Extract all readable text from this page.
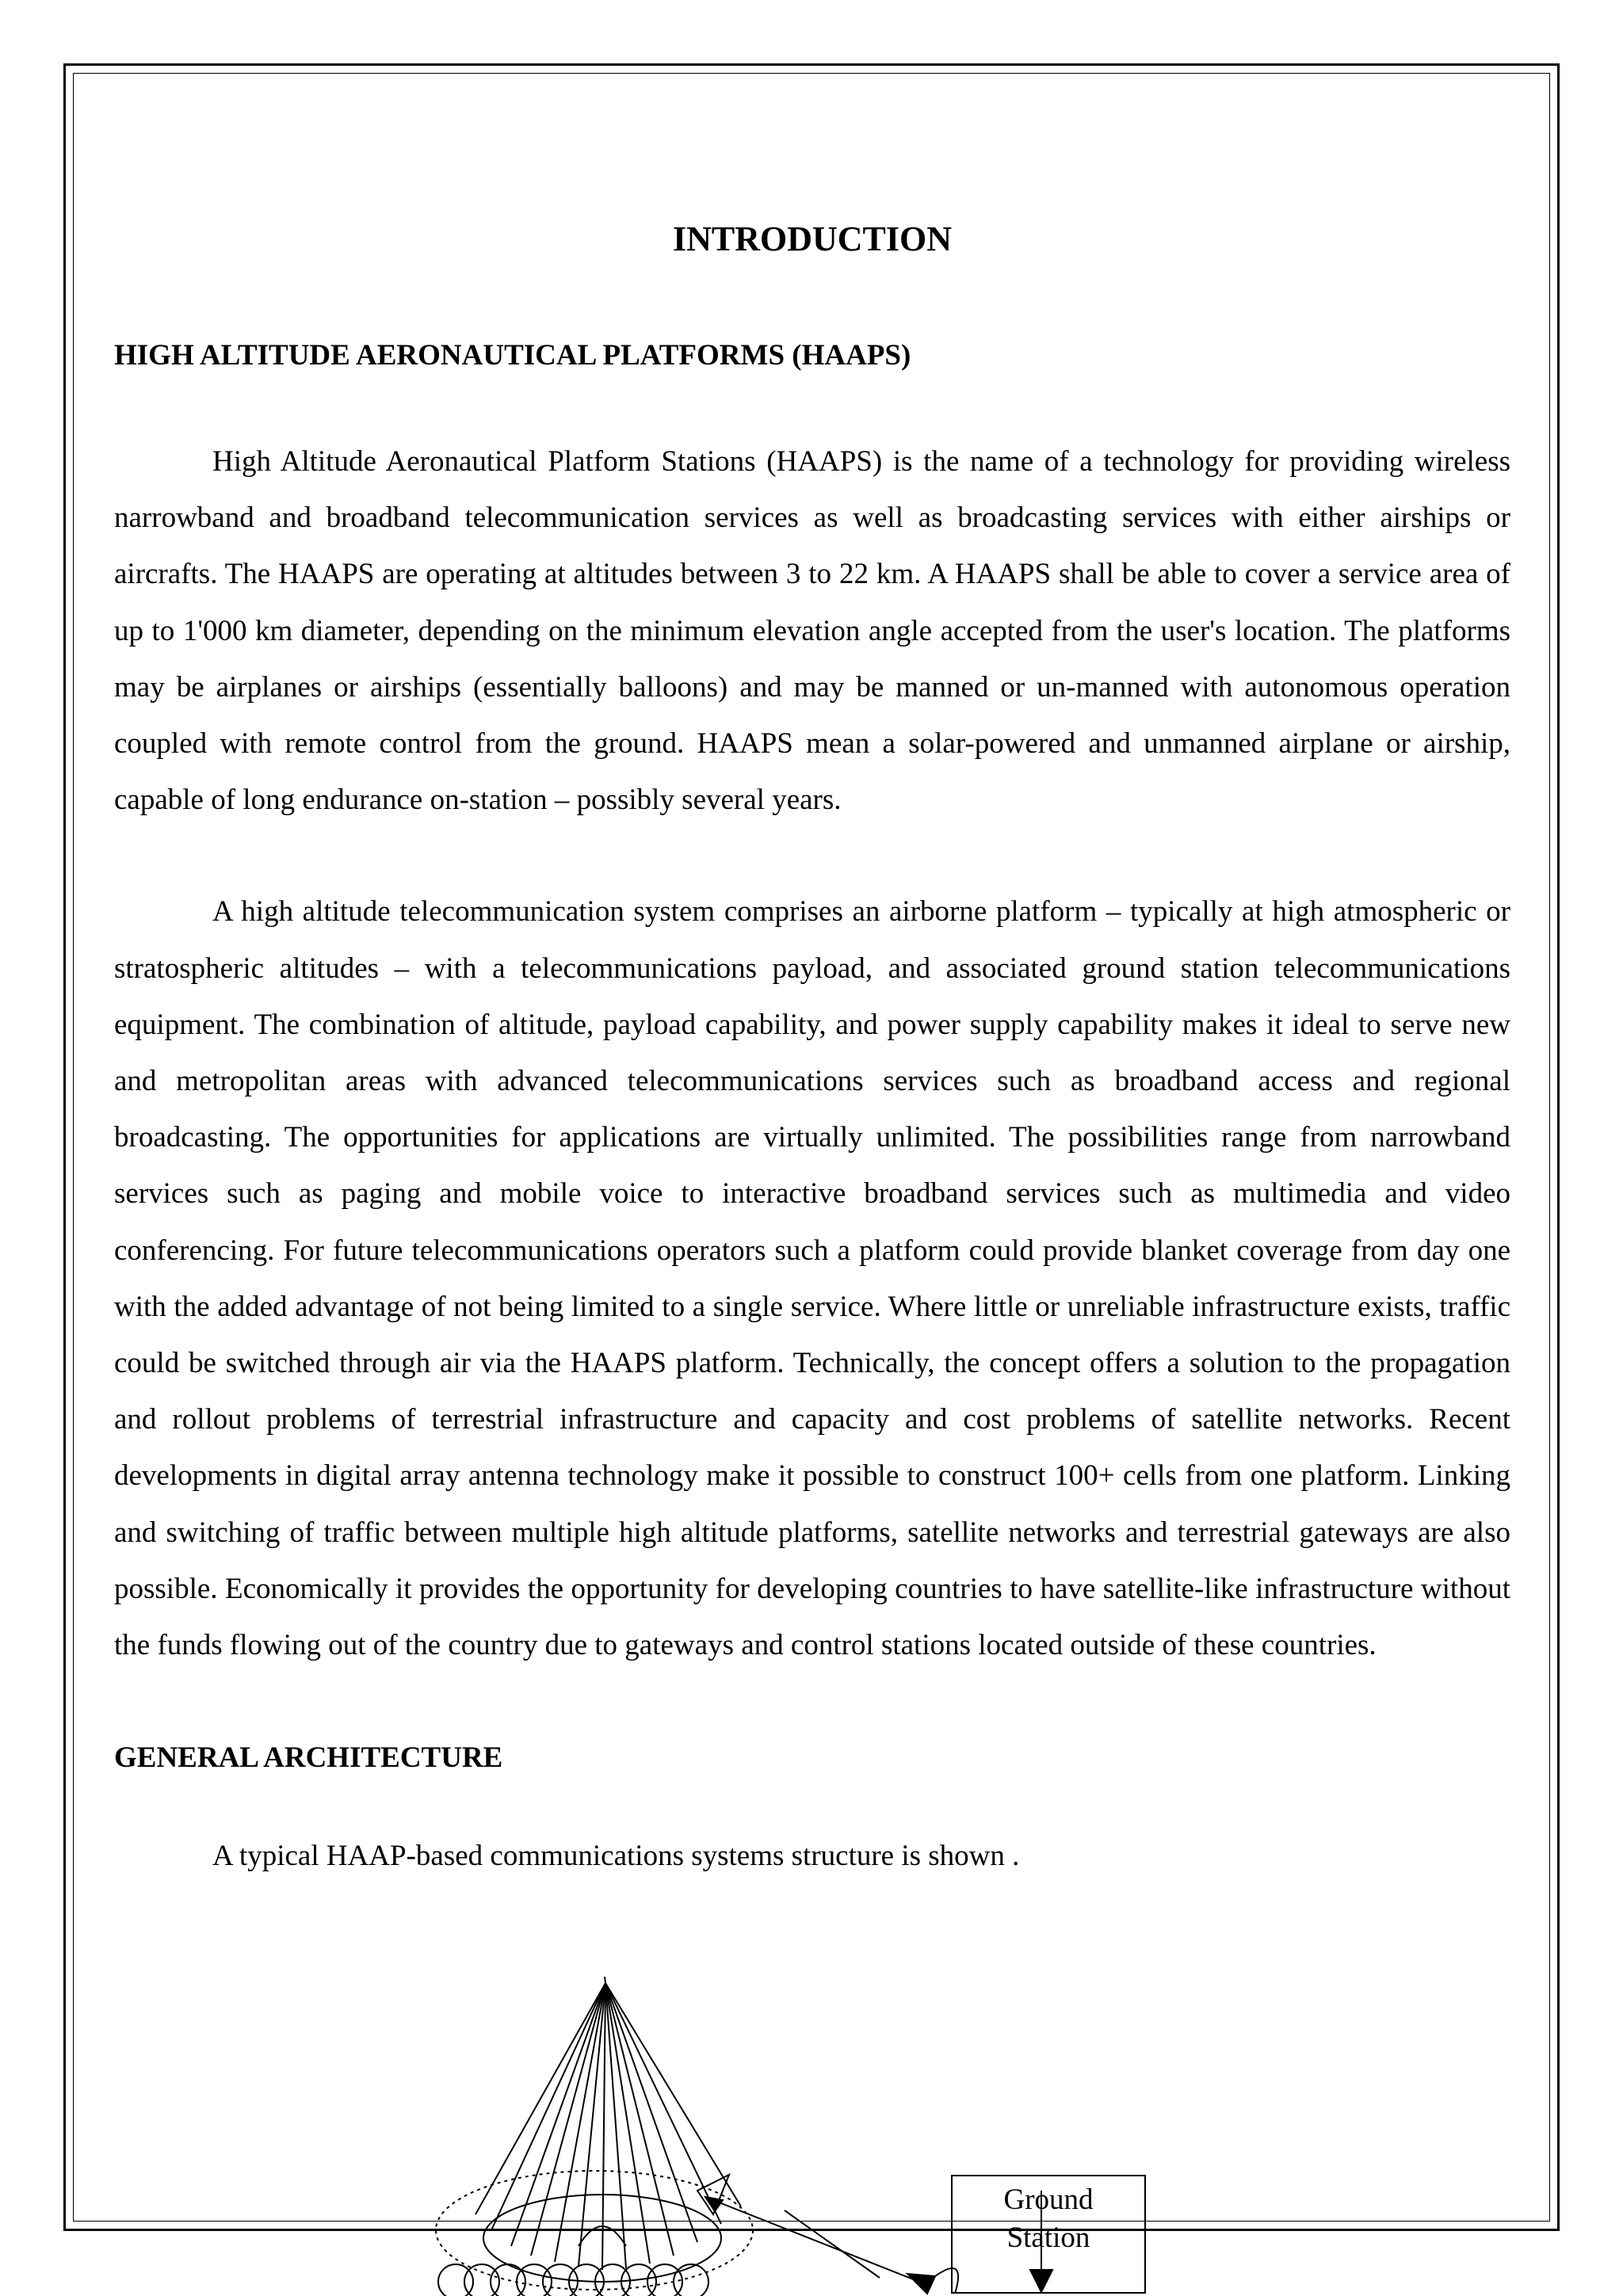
INTRODUCTION
HIGH ALTITUDE AERONAUTICAL PLATFORMS (HAAPS)

High Altitude Aeronautical Platform Stations (HAAPS) is the name of a technology for providing wireless narrowband and broadband telecommunication services as well as broadcasting services with either airships or aircrafts. The HAAPS are operating at altitudes between 3 to 22 km. A HAAPS shall be able to cover a service area of up to 1'000 km diameter, depending on the minimum elevation angle accepted from the user's location. The platforms may be airplanes or airships (essentially balloons) and may be manned or un-manned with autonomous operation coupled with remote control from the ground. HAAPS mean a solar-powered and unmanned airplane or airship, capable of long endurance on-station – possibly several years.

A high altitude telecommunication system comprises an airborne platform – typically at high atmospheric or stratospheric altitudes – with a telecommunications payload, and associated ground station telecommunications equipment. The combination of altitude, payload capability, and power supply capability makes it ideal to serve new and metropolitan areas with advanced telecommunications services such as broadband access and regional broadcasting. The opportunities for applications are virtually unlimited. The possibilities range from narrowband services such as paging and mobile voice to interactive broadband services such as multimedia and video conferencing. For future telecommunications operators such a platform could provide blanket coverage from day one with the added advantage of not being limited to a single service. Where little or unreliable infrastructure exists, traffic could be switched through air via the HAAPS platform. Technically, the concept offers a solution to the propagation and rollout problems of terrestrial infrastructure and capacity and cost problems of satellite networks. Recent developments in digital array antenna technology make it possible to construct 100+ cells from one platform. Linking and switching of traffic between multiple high altitude platforms, satellite networks and terrestrial gateways are also possible. Economically it provides the opportunity for developing countries to have satellite-like infrastructure without the funds flowing out of the country due to gateways and control stations located outside of these countries.

GENERAL ARCHITECTURE

A typical HAAP-based communications systems structure is shown .

Ground
Station
